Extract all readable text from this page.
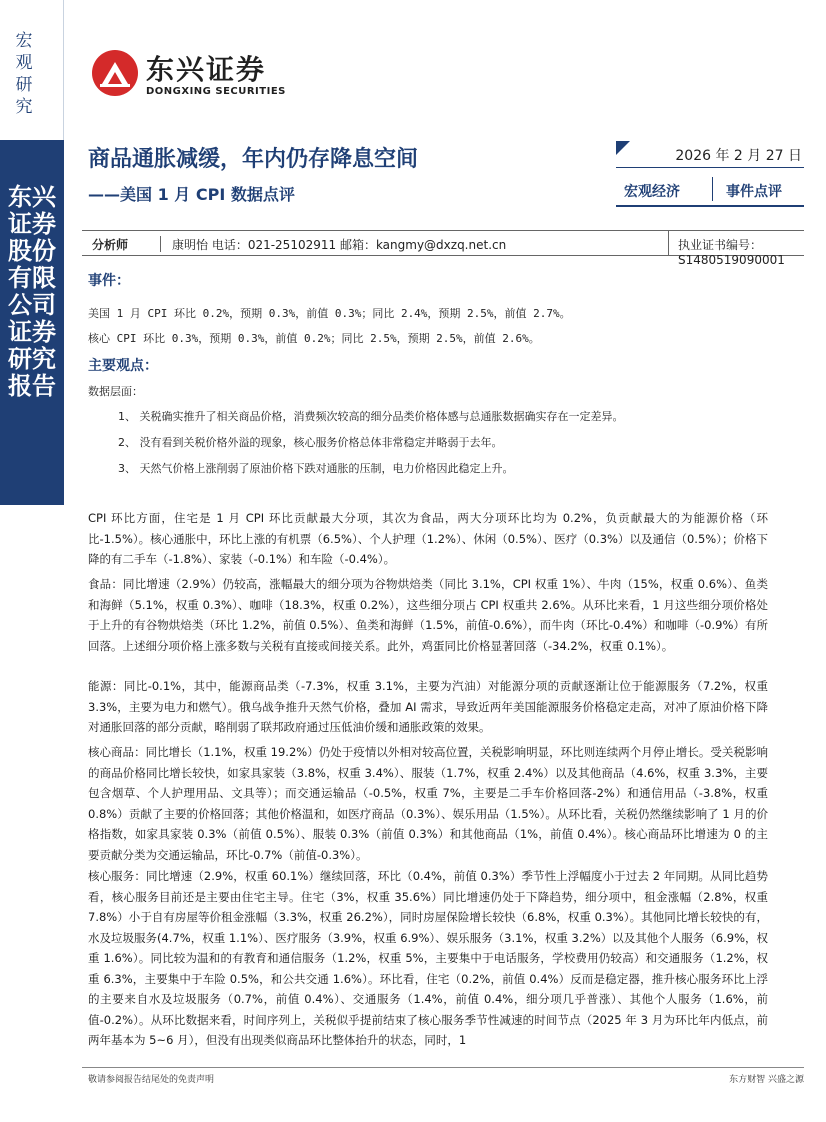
宏观研究
东兴证券股份有限公司证券研究报告
东兴证券
DONGXING SECURITIES
商品通胀减缓，年内仍存降息空间
——美国 1 月 CPI 数据点评
2026 年 2 月 27 日
宏观经济	事件点评
分析师	康明怡 电话：021-25102911 邮箱：kangmy@dxzq.net.cn	执业证书编号：S1480519090001
事件：
美国 1 月 CPI 环比 0.2%，预期 0.3%，前值 0.3%；同比 2.4%，预期 2.5%，前值 2.7%。
核心 CPI 环比 0.3%，预期 0.3%，前值 0.2%；同比 2.5%，预期 2.5%，前值 2.6%。
主要观点：
数据层面：
1、 关税确实推升了相关商品价格，消费频次较高的细分品类价格体感与总通胀数据确实存在一定差异。
2、 没有看到关税价格外溢的现象，核心服务价格总体非常稳定并略弱于去年。
3、 天然气价格上涨削弱了原油价格下跌对通胀的压制，电力价格因此稳定上升。
CPI 环比方面，住宅是 1 月 CPI 环比贡献最大分项，其次为食品，两大分项环比均为 0.2%，负贡献最大的为能源价格（环比-1.5%）。核心通胀中，环比上涨的有机票（6.5%）、个人护理（1.2%）、休闲（0.5%）、医疗（0.3%）以及通信（0.5%）；价格下降的有二手车（-1.8%）、家装（-0.1%）和车险（-0.4%）。
食品：同比增速（2.9%）仍较高，涨幅最大的细分项为谷物烘焙类（同比 3.1%，CPI 权重 1%）、牛肉（15%，权重 0.6%）、鱼类和海鲜（5.1%，权重 0.3%）、咖啡（18.3%，权重 0.2%），这些细分项占 CPI 权重共 2.6%。从环比来看，1 月这些细分项价格处于上升的有谷物烘焙类（环比 1.2%，前值 0.5%）、鱼类和海鲜（1.5%，前值-0.6%），而牛肉（环比-0.4%）和咖啡（-0.9%）有所回落。上述细分项价格上涨多数与关税有直接或间接关系。此外，鸡蛋同比价格显著回落（-34.2%，权重 0.1%）。
能源：同比-0.1%，其中，能源商品类（-7.3%，权重 3.1%，主要为汽油）对能源分项的贡献逐渐让位于能源服务（7.2%，权重 3.3%，主要为电力和燃气）。俄乌战争推升天然气价格，叠加 AI 需求，导致近两年美国能源服务价格稳定走高，对冲了原油价格下降对通胀回落的部分贡献，略削弱了联邦政府通过压低油价缓和通胀政策的效果。
核心商品：同比增长（1.1%，权重 19.2%）仍处于疫情以外相对较高位置，关税影响明显，环比则连续两个月停止增长。受关税影响的商品价格同比增长较快，如家具家装（3.8%，权重 3.4%）、服装（1.7%，权重 2.4%）以及其他商品（4.6%，权重 3.3%，主要包含烟草、个人护理用品、文具等）；而交通运输品（-0.5%，权重 7%，主要是二手车价格回落-2%）和通信用品（-3.8%，权重 0.8%）贡献了主要的价格回落；其他价格温和，如医疗商品（0.3%）、娱乐用品（1.5%）。从环比看，关税仍然继续影响了 1 月的价格指数，如家具家装 0.3%（前值 0.5%）、服装 0.3%（前值 0.3%）和其他商品（1%，前值 0.4%）。核心商品环比增速为 0 的主要贡献分类为交通运输品，环比-0.7%（前值-0.3%）。
核心服务：同比增速（2.9%，权重 60.1%）继续回落，环比（0.4%，前值 0.3%）季节性上浮幅度小于过去 2 年同期。从同比趋势看，核心服务目前还是主要由住宅主导。住宅（3%，权重 35.6%）同比增速仍处于下降趋势，细分项中，租金涨幅（2.8%，权重 7.8%）小于自有房屋等价租金涨幅（3.3%，权重 26.2%），同时房屋保险增长较快（6.8%，权重 0.3%）。其他同比增长较快的有，水及垃圾服务(4.7%，权重 1.1%）、医疗服务（3.9%，权重 6.9%）、娱乐服务（3.1%，权重 3.2%）以及其他个人服务（6.9%，权重 1.6%）。同比较为温和的有教育和通信服务（1.2%，权重 5%，主要集中于电话服务，学校费用仍较高）和交通服务（1.2%，权重 6.3%，主要集中于车险 0.5%，和公共交通 1.6%）。环比看，住宅（0.2%，前值 0.4%）反而是稳定器，推升核心服务环比上浮的主要来自水及垃圾服务（0.7%，前值 0.4%）、交通服务（1.4%，前值 0.4%，细分项几乎普涨）、其他个人服务（1.6%，前值-0.2%）。从环比数据来看，时间序列上，关税似乎提前结束了核心服务季节性减速的时间节点（2025 年 3 月为环比年内低点，前两年基本为 5~6 月），但没有出现类似商品环比整体抬升的状态，同时，1
敬请参阅报告结尾处的免责声明	东方财智 兴盛之源
